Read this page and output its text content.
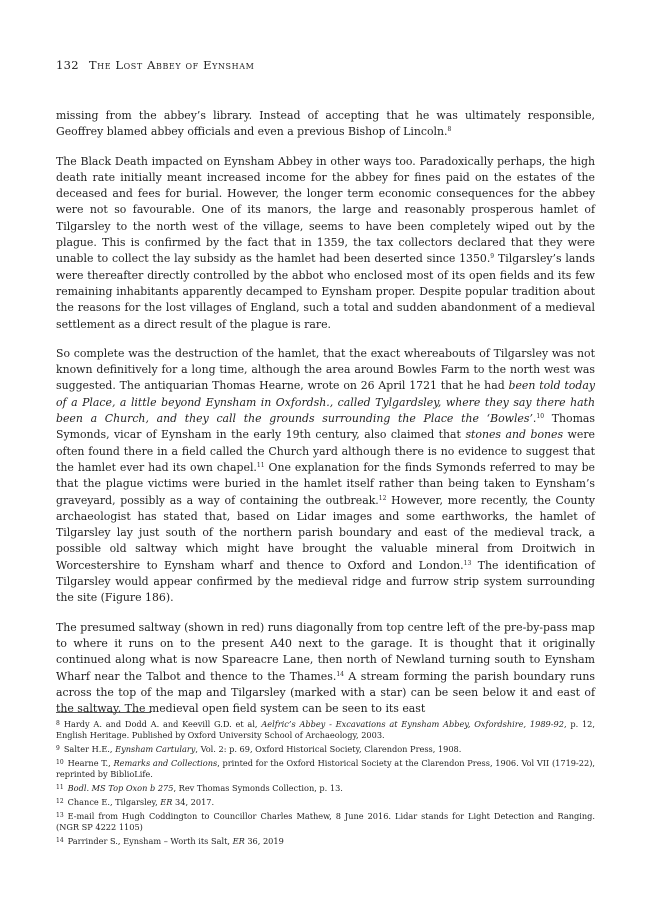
132 The Lost Abbey of Eynsham

missing from the abbey’s library. Instead of accepting that he was ultimately responsible, Geoffrey blamed abbey officials and even a previous Bishop of Lincoln.$^8$

The Black Death impacted on Eynsham Abbey in other ways too. Paradoxically perhaps, the high death rate initially meant increased income for the abbey for fines paid on the estates of the deceased and fees for burial. However, the longer term economic consequences for the abbey were not so favourable. One of its manors, the large and reasonably prosperous hamlet of Tilgarsley to the north west of the village, seems to have been completely wiped out by the plague. This is confirmed by the fact that in 1359, the tax collectors declared that they were unable to collect the lay subsidy as the hamlet had been deserted since 1350.$^9$ Tilgarsley’s lands were thereafter directly controlled by the abbot who enclosed most of its open fields and its few remaining inhabitants apparently decamped to Eynsham proper. Despite popular tradition about the reasons for the lost villages of England, such a total and sudden abandonment of a medieval settlement as a direct result of the plague is rare.

So complete was the destruction of the hamlet, that the exact whereabouts of Tilgarsley was not known definitively for a long time, although the area around Bowles Farm to the north west was suggested. The antiquarian Thomas Hearne, wrote on 26 April 1721 that he had been told today of a Place, a little beyond Eynsham in Oxfordsh., called Tylgardsley, where they say there hath been a Church, and they call the grounds surrounding the Place the ‘Bowles’.$^{10}$ Thomas Symonds, vicar of Eynsham in the early 19th century, also claimed that stones and bones were often found there in a field called the Church yard although there is no evidence to suggest that the hamlet ever had its own chapel.$^{11}$ One explanation for the finds Symonds referred to may be that the plague victims were buried in the hamlet itself rather than being taken to Eynsham’s graveyard, possibly as a way of containing the outbreak.$^{12}$ However, more recently, the County archaeologist has stated that, based on Lidar images and some earthworks, the hamlet of Tilgarsley lay just south of the northern parish boundary and east of the medieval track, a possible old saltway which might have brought the valuable mineral from Droitwich in Worcestershire to Eynsham wharf and thence to Oxford and London.$^{13}$ The identification of Tilgarsley would appear confirmed by the medieval ridge and furrow strip system surrounding the site (Figure 186).

The presumed saltway (shown in red) runs diagonally from top centre left of the pre-by-pass map to where it runs on to the present A40 next to the garage. It is thought that it originally continued along what is now Spareacre Lane, then north of Newland turning south to Eynsham Wharf near the Talbot and thence to the Thames.$^{14}$ A stream forming the parish boundary runs across the top of the map and Tilgarsley (marked with a star) can be seen below it and east of the saltway. The medieval open field system can be seen to its east

$^8$ Hardy A. and Dodd A. and Keevill G.D. et al, Aelfric’s Abbey - Excavations at Eynsham Abbey, Oxfordshire, 1989-92, p. 12, English Heritage. Published by Oxford University School of Archaeology, 2003.
$^9$ Salter H.E., Eynsham Cartulary, Vol. 2: p. 69, Oxford Historical Society, Clarendon Press, 1908.
$^{10}$ Hearne T., Remarks and Collections, printed for the Oxford Historical Society at the Clarendon Press, 1906. Vol VII (1719-22), reprinted by BiblioLife.
$^{11}$ Bodl. MS Top Oxon b 275, Rev Thomas Symonds Collection, p. 13.
$^{12}$ Chance E., Tilgarsley, ER 34, 2017.
$^{13}$ E-mail from Hugh Coddington to Councillor Charles Mathew, 8 June 2016. Lidar stands for Light Detection and Ranging. (NGR SP 4222 1105)
$^{14}$ Parrinder S., Eynsham – Worth its Salt, ER 36, 2019
